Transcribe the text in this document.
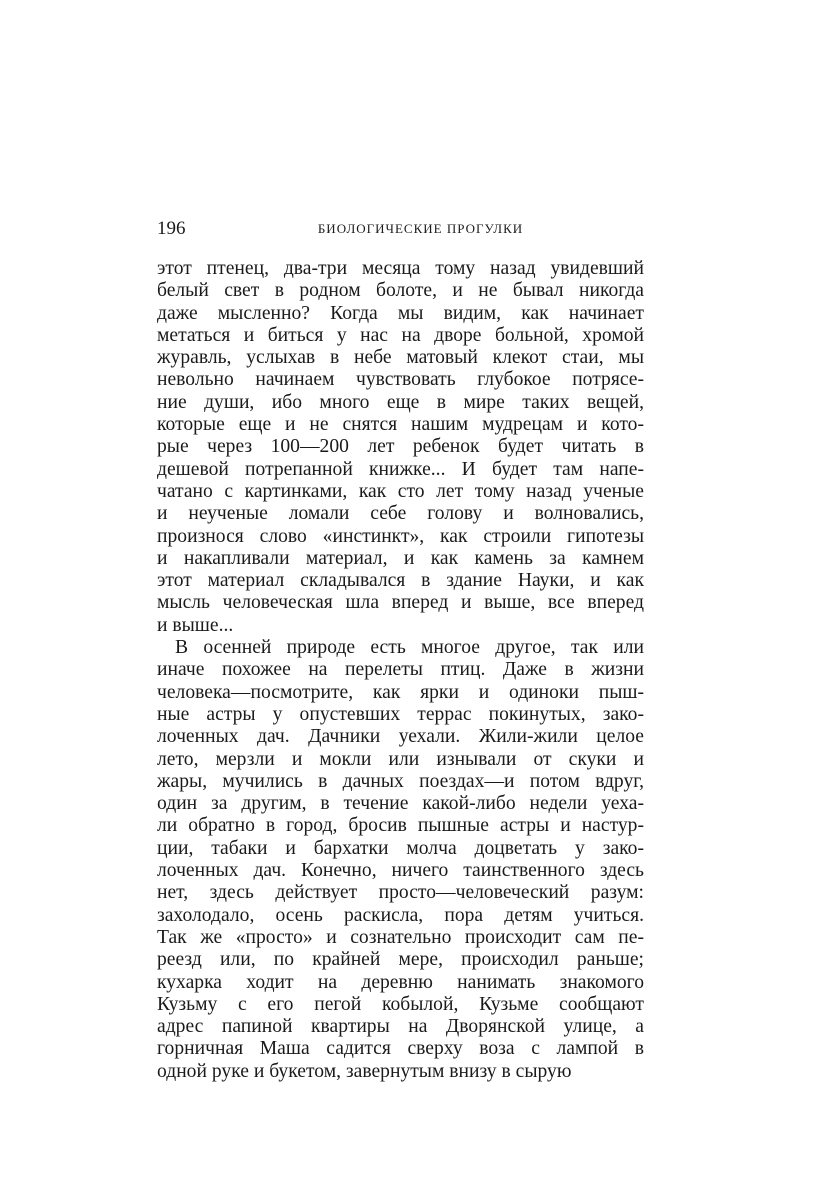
196	БИОЛОГИЧЕСКИЕ ПРОГУЛКИ
этот птенец, два-три месяца тому назад увидевший
белый свет в родном болоте, и не бывал никогда
даже мысленно? Когда мы видим, как начинает
метаться и биться у нас на дворе больной, хромой
журавль, услыхав в небе матовый клекот стаи, мы
невольно начинаем чувствовать глубокое потрясе-
ние души, ибо много еще в мире таких вещей,
которые еще и не снятся нашим мудрецам и кото-
рые через 100—200 лет ребенок будет читать в
дешевой потрепанной книжке... И будет там напе-
чатано с картинками, как сто лет тому назад ученые
и неученые ломали себе голову и волновались,
произнося слово «инстинкт», как строили гипотезы
и накапливали материал, и как камень за камнем
этот материал складывался в здание Науки, и как
мысль человеческая шла вперед и выше, все вперед
и выше...
В осенней природе есть многое другое, так или
иначе похожее на перелеты птиц. Даже в жизни
человека—посмотрите, как ярки и одиноки пыш-
ные астры у опустевших террас покинутых, зако-
лоченных дач. Дачники уехали. Жили-жили целое
лето, мерзли и мокли или изнывали от скуки и
жары, мучились в дачных поездах—и потом вдруг,
один за другим, в течение какой-либо недели уеха-
ли обратно в город, бросив пышные астры и настур-
ции, табаки и бархатки молча доцветать у зако-
лоченных дач. Конечно, ничего таинственного здесь
нет, здесь действует просто—человеческий разум:
захолодало, осень раскисла, пора детям учиться.
Так же «просто» и сознательно происходит сам пе-
реезд или, по крайней мере, происходил раньше;
кухарка ходит на деревню нанимать знакомого
Кузьму с его пегой кобылой, Кузьме сообщают
адрес папиной квартиры на Дворянской улице, а
горничная Маша садится сверху воза с лампой в
одной руке и букетом, завернутым внизу в сырую
